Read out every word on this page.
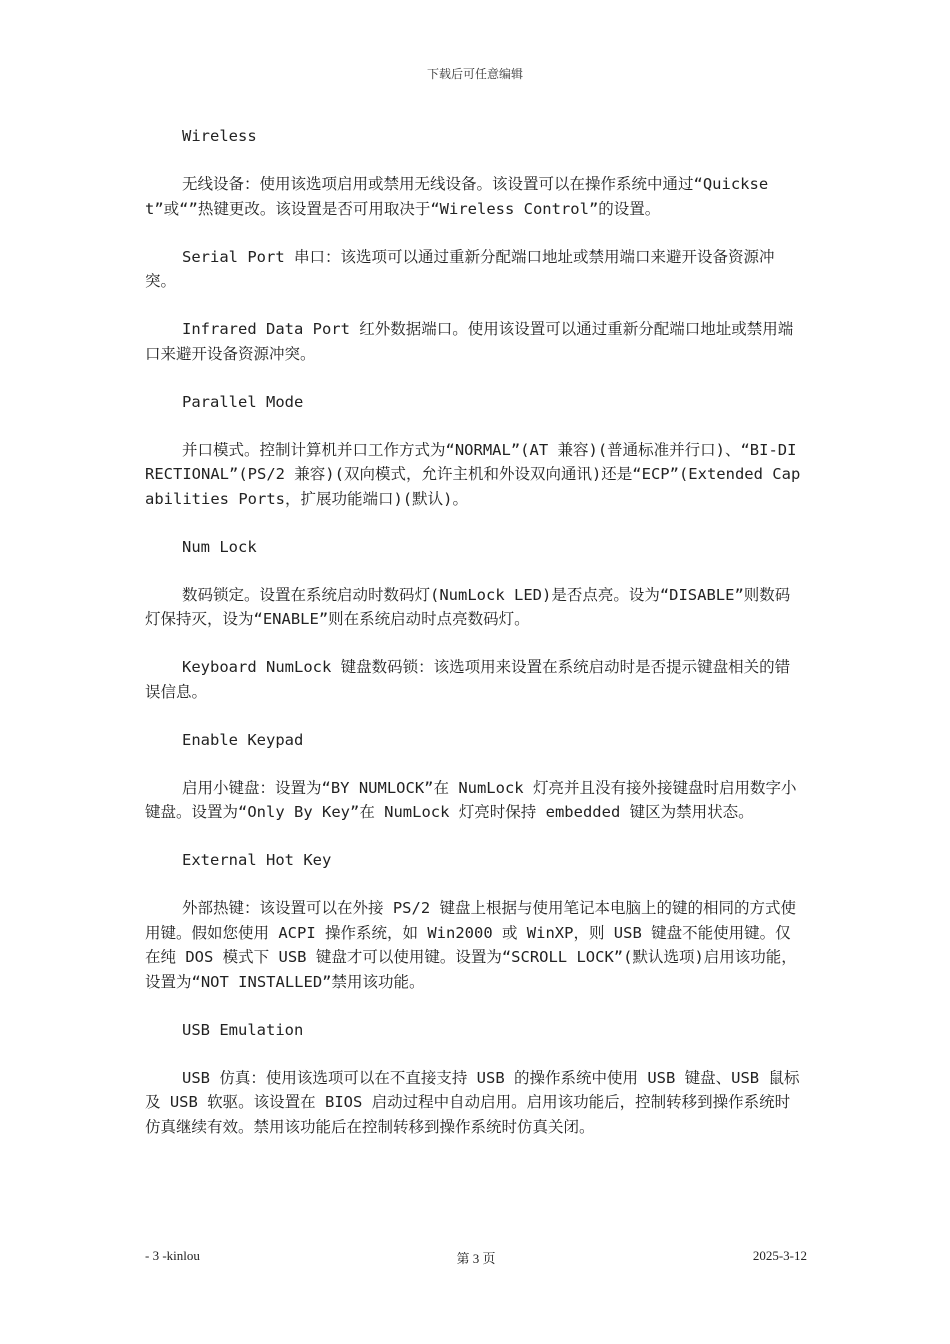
下载后可任意编辑

Wireless

无线设备：使用该选项启用或禁用无线设备。该设置可以在操作系统中通过“Quickset”或“”热键更改。该设置是否可用取决于“Wireless Control”的设置。

Serial Port 串口：该选项可以通过重新分配端口地址或禁用端口来避开设备资源冲突。

Infrared Data Port 红外数据端口。使用该设置可以通过重新分配端口地址或禁用端口来避开设备资源冲突。

Parallel Mode

并口模式。控制计算机并口工作方式为“NORMAL”(AT 兼容)(普通标准并行口)、“BI-DIRECTIONAL”(PS/2 兼容)(双向模式，允许主机和外设双向通讯)还是“ECP”(Extended Capabilities Ports，扩展功能端口)(默认)。

Num Lock

数码锁定。设置在系统启动时数码灯(NumLock LED)是否点亮。设为“DISABLE”则数码灯保持灭，设为“ENABLE”则在系统启动时点亮数码灯。

Keyboard NumLock 键盘数码锁：该选项用来设置在系统启动时是否提示键盘相关的错误信息。

Enable Keypad

启用小键盘：设置为“BY NUMLOCK”在 NumLock 灯亮并且没有接外接键盘时启用数字小键盘。设置为“Only By Key”在 NumLock 灯亮时保持 embedded 键区为禁用状态。

External Hot Key

外部热键：该设置可以在外接 PS/2 键盘上根据与使用笔记本电脑上的键的相同的方式使用键。假如您使用 ACPI 操作系统，如 Win2000 或 WinXP，则 USB 键盘不能使用键。仅在纯 DOS 模式下 USB 键盘才可以使用键。设置为“SCROLL LOCK”(默认选项)启用该功能，设置为“NOT INSTALLED”禁用该功能。

USB Emulation

USB 仿真：使用该选项可以在不直接支持 USB 的操作系统中使用 USB 键盘、USB 鼠标及 USB 软驱。该设置在 BIOS 启动过程中自动启用。启用该功能后，控制转移到操作系统时仿真继续有效。禁用该功能后在控制转移到操作系统时仿真关闭。

- 3 -kinlou	第 3 页	2025-3-12
